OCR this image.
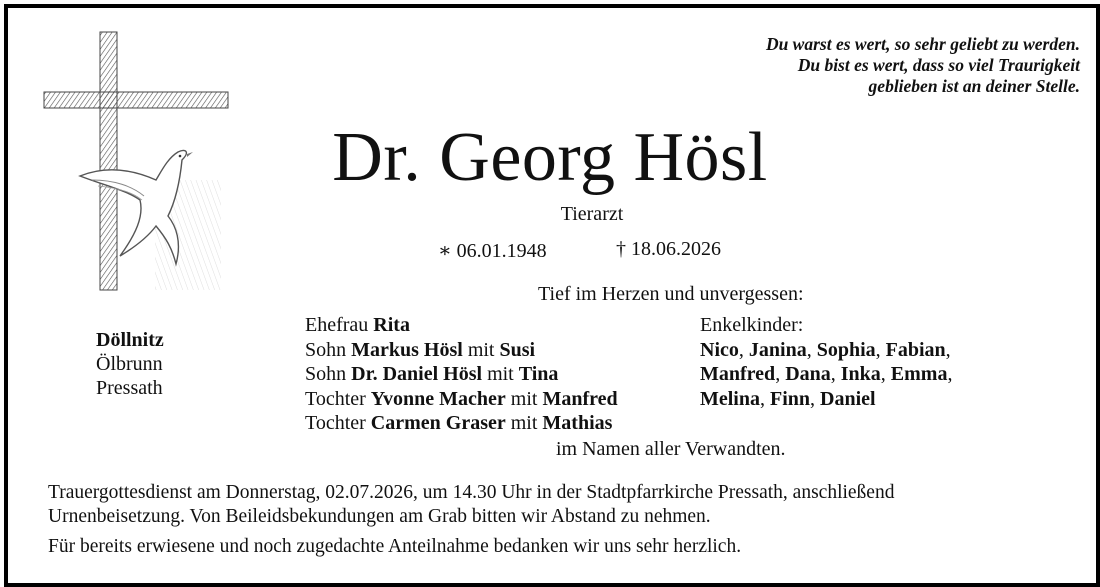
Du warst es wert, so sehr geliebt zu werden.
Du bist es wert, dass so viel Traurigkeit
geblieben ist an deiner Stelle.
Dr. Georg Hösl
Tierarzt
∗ 06.01.1948	† 18.06.2026
Tief im Herzen und unvergessen:
Döllnitz
Ölbrunn
Pressath
Ehefrau Rita
Sohn Markus Hösl mit Susi
Sohn Dr. Daniel Hösl mit Tina
Tochter Yvonne Macher mit Manfred
Tochter Carmen Graser mit Mathias
Enkelkinder:
Nico, Janina, Sophia, Fabian,
Manfred, Dana, Inka, Emma,
Melina, Finn, Daniel
im Namen aller Verwandten.
Trauergottesdienst am Donnerstag, 02.07.2026, um 14.30 Uhr in der Stadtpfarrkirche Pressath, anschließend
Urnenbeisetzung. Von Beileidsbekundungen am Grab bitten wir Abstand zu nehmen.
Für bereits erwiesene und noch zugedachte Anteilnahme bedanken wir uns sehr herzlich.
